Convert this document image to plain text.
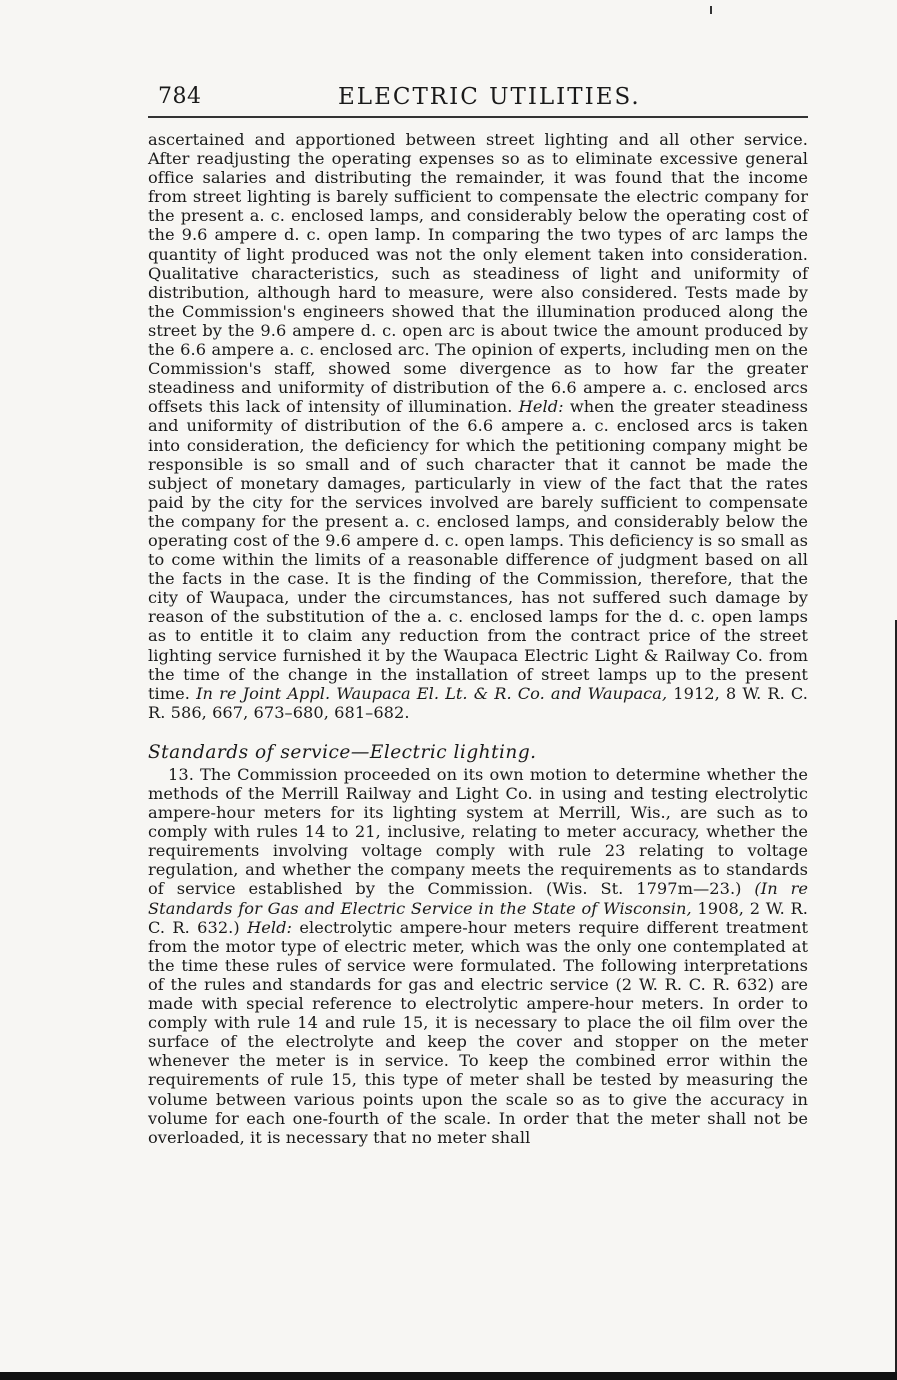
784	ELECTRIC UTILITIES.

ascertained and apportioned between street lighting and all other service. After readjusting the operating expenses so as to eliminate excessive general office salaries and distributing the remainder, it was found that the income from street lighting is barely sufficient to compensate the electric company for the present a. c. enclosed lamps, and considerably below the operating cost of the 9.6 ampere d. c. open lamp. In comparing the two types of arc lamps the quantity of light produced was not the only element taken into consideration. Qualitative characteristics, such as steadiness of light and uniformity of distribution, although hard to measure, were also considered. Tests made by the Commission's engineers showed that the illumination produced along the street by the 9.6 ampere d. c. open arc is about twice the amount produced by the 6.6 ampere a. c. enclosed arc. The opinion of experts, including men on the Commission's staff, showed some divergence as to how far the greater steadiness and uniformity of distribution of the 6.6 ampere a. c. enclosed arcs offsets this lack of intensity of illumination. Held: when the greater steadiness and uniformity of distribution of the 6.6 ampere a. c. enclosed arcs is taken into consideration, the deficiency for which the petitioning company might be responsible is so small and of such character that it cannot be made the subject of monetary damages, particularly in view of the fact that the rates paid by the city for the services involved are barely sufficient to compensate the company for the present a. c. enclosed lamps, and considerably below the operating cost of the 9.6 ampere d. c. open lamps. This deficiency is so small as to come within the limits of a reasonable difference of judgment based on all the facts in the case. It is the finding of the Commission, therefore, that the city of Waupaca, under the circumstances, has not suffered such damage by reason of the substitution of the a. c. enclosed lamps for the d. c. open lamps as to entitle it to claim any reduction from the contract price of the street lighting service furnished it by the Waupaca Electric Light & Railway Co. from the time of the change in the installation of street lamps up to the present time. In re Joint Appl. Waupaca El. Lt. & R. Co. and Waupaca, 1912, 8 W. R. C. R. 586, 667, 673–680, 681–682.

Standards of service—Electric lighting.

13. The Commission proceeded on its own motion to determine whether the methods of the Merrill Railway and Light Co. in using and testing electrolytic ampere-hour meters for its lighting system at Merrill, Wis., are such as to comply with rules 14 to 21, inclusive, relating to meter accuracy, whether the requirements involving voltage comply with rule 23 relating to voltage regulation, and whether the company meets the requirements as to standards of service established by the Commission. (Wis. St. 1797m—23.) (In re Standards for Gas and Electric Service in the State of Wisconsin, 1908, 2 W. R. C. R. 632.) Held: electrolytic ampere-hour meters require different treatment from the motor type of electric meter, which was the only one contemplated at the time these rules of service were formulated. The following interpretations of the rules and standards for gas and electric service (2 W. R. C. R. 632) are made with special reference to electrolytic ampere-hour meters. In order to comply with rule 14 and rule 15, it is necessary to place the oil film over the surface of the electrolyte and keep the cover and stopper on the meter whenever the meter is in service. To keep the combined error within the requirements of rule 15, this type of meter shall be tested by measuring the volume between various points upon the scale so as to give the accuracy in volume for each one-fourth of the scale. In order that the meter shall not be overloaded, it is necessary that no meter shall
